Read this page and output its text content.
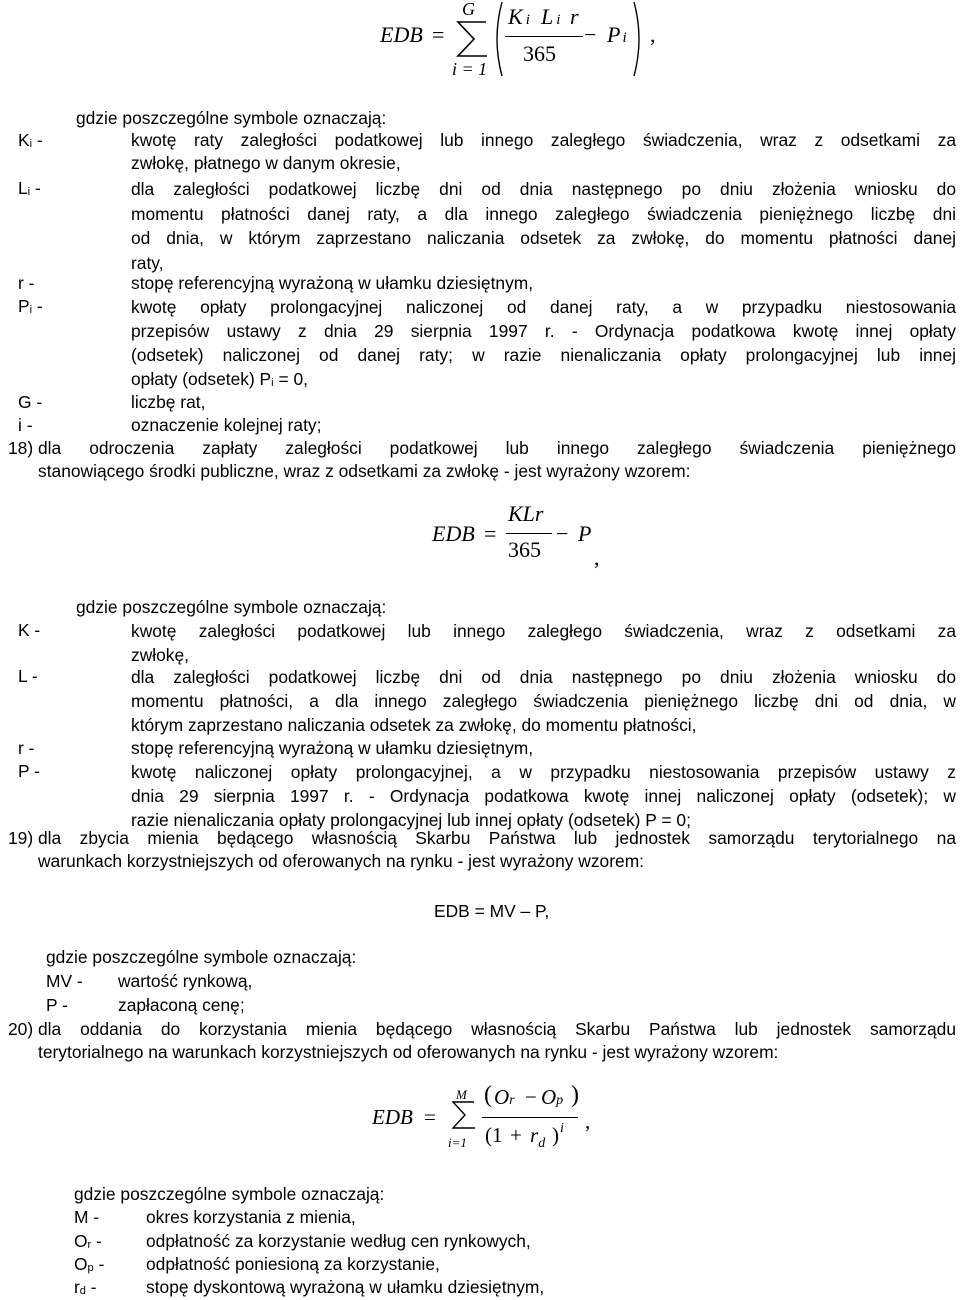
EDB =
G
i = 1
K i L i r
365
− P i ,
gdzie poszczególne symbole oznaczają:
$K_i$ -	kwotę raty zaległości podatkowej lub innego zaległego świadczenia, wraz z odsetkami za
zwłokę, płatnego w danym okresie,
$L_i$ -	dla zaległości podatkowej liczbę dni od dnia następnego po dniu złożenia wniosku do
momentu płatności danej raty, a dla innego zaległego świadczenia pieniężnego liczbę dni
od dnia, w którym zaprzestano naliczania odsetek za zwłokę, do momentu płatności danej
raty,
r -	stopę referencyjną wyrażoną w ułamku dziesiętnym,
$P_i$ -	kwotę opłaty prolongacyjnej naliczonej od danej raty, a w przypadku niestosowania
przepisów ustawy z dnia 29 sierpnia 1997 r. - Ordynacja podatkowa kwotę innej opłaty
(odsetek) naliczonej od danej raty; w razie nienaliczania opłaty prolongacyjnej lub innej
opłaty (odsetek) $P_i = 0$,
G -	liczbę rat,
i -	oznaczenie kolejnej raty;
18) dla odroczenia zapłaty zaległości podatkowej lub innego zaległego świadczenia pieniężnego
stanowiącego środki publiczne, wraz z odsetkami za zwłokę - jest wyrażony wzorem:
EDB =
KLr
365
− P
,
gdzie poszczególne symbole oznaczają:
K -	kwotę zaległości podatkowej lub innego zaległego świadczenia, wraz z odsetkami za
zwłokę,
L -	dla zaległości podatkowej liczbę dni od dnia następnego po dniu złożenia wniosku do
momentu płatności, a dla innego zaległego świadczenia pieniężnego liczbę dni od dnia, w
którym zaprzestano naliczania odsetek za zwłokę, do momentu płatności,
r -	stopę referencyjną wyrażoną w ułamku dziesiętnym,
P -	kwotę naliczonej opłaty prolongacyjnej, a w przypadku niestosowania przepisów ustawy z
dnia 29 sierpnia 1997 r. - Ordynacja podatkowa kwotę innej naliczonej opłaty (odsetek); w
razie nienaliczania opłaty prolongacyjnej lub innej opłaty (odsetek) P = 0;
19) dla zbycia mienia będącego własnością Skarbu Państwa lub jednostek samorządu terytorialnego na
warunkach korzystniejszych od oferowanych na rynku - jest wyrażony wzorem:
EDB = MV – P,
gdzie poszczególne symbole oznaczają:
MV - wartość rynkową,
P -	zapłaconą cenę;
20) dla oddania do korzystania mienia będącego własnością Skarbu Państwa lub jednostek samorządu
terytorialnego na warunkach korzystniejszych od oferowanych na rynku - jest wyrażony wzorem:
EDB =
M
i=1
( Or − Op )
($1 + r_d$ ) i ,
gdzie poszczególne symbole oznaczają:
M -	okres korzystania z mienia,
$O_r$ -	odpłatność za korzystanie według cen rynkowych,
$O_p$ - odpłatność poniesioną za korzystanie,
$r_d$ -	stopę dyskontową wyrażoną w ułamku dziesiętnym,
